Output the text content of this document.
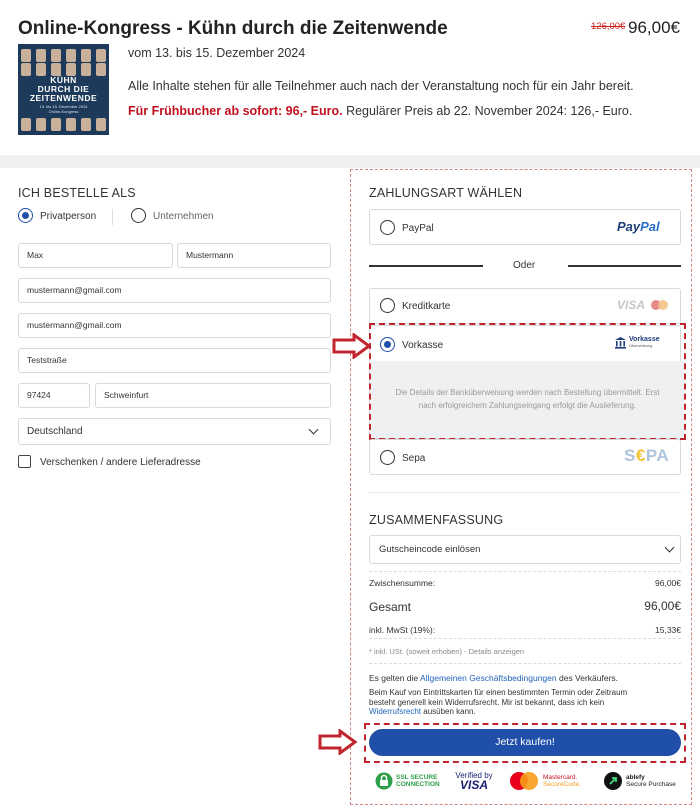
Online-Kongress - Kühn durch die Zeitenwende	126,00€ 96,00€
KÜHN
DURCH DIE
ZEITENWENDE
13. bis 15. Dezember 2024
Online-Kongress
vom 13. bis 15. Dezember 2024
Alle Inhalte stehen für alle Teilnehmer auch nach der Veranstaltung noch für ein Jahr bereit.
Für Frühbucher ab sofort: 96,- Euro. Regulärer Preis ab 22. November 2024: 126,- Euro.
ICH BESTELLE ALS
Privatperson	Unternehmen
Max	Mustermann
mustermann@gmail.com
mustermann@gmail.com
Teststraße
97424	Schweinfurt
Deutschland
Verschenken / andere Lieferadresse
ZAHLUNGSART WÄHLEN
PayPal	PayPal
Oder
Kreditkarte	VISA
Vorkasse
Vorkasse
Überweisung
Die Details der Banküberweisung werden nach Bestellung übermittelt. Erst
nach erfolgreichem Zahlungseingang erfolgt die Auslieferung.
Sepa	S€PA
ZUSAMMENFASSUNG
Gutscheincode einlösen
Zwischensumme:	96,00€
Gesamt	96,00€
inkl. MwSt (19%):	15,33€
* inkl. USt. (soweit erhoben) - Details anzeigen
Es gelten die Allgemeinen Geschäftsbedingungen des Verkäufers.
Beim Kauf von Eintrittskarten für einen bestimmten Termin oder Zeitraum
besteht generell kein Widerrufsrecht. Mir ist bekannt, dass ich kein
Widerrufsrecht ausüben kann.
Jetzt kaufen!
SSL SECURE
CONNECTION
Verified by
VISA
Mastercard.
SecureCode.
ablefy
Secure Purchase
